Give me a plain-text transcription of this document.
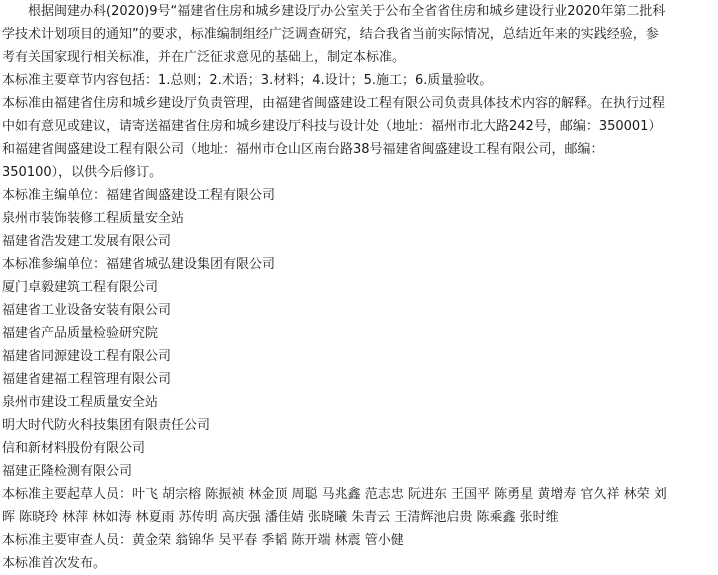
根据闽建办科(2020)9号“福建省住房和城乡建设厅办公室关于公布全省省住房和城乡建设行业2020年第二批科
学技术计划项目的通知”的要求，标准编制组经广泛调查研究，结合我省当前实际情况，总结近年来的实践经验，参
考有关国家现行相关标准，并在广泛征求意见的基础上，制定本标准。
本标准主要章节内容包括：1.总则；2.术语；3.材料；4.设计；5.施工；6.质量验收。
本标准由福建省住房和城乡建设厅负责管理，由福建省闽盛建设工程有限公司负责具体技术内容的解释。在执行过程
中如有意见或建议，请寄送福建省住房和城乡建设厅科技与设计处（地址：福州市北大路242号，邮编：350001）
和福建省闽盛建设工程有限公司（地址：福州市仓山区南台路38号福建省闽盛建设工程有限公司，邮编：
350100），以供今后修订。
本标准主编单位：福建省闽盛建设工程有限公司
泉州市装饰装修工程质量安全站
福建省浩发建工发展有限公司
本标准参编单位：福建省城弘建设集团有限公司
厦门卓毅建筑工程有限公司
福建省工业设备安装有限公司
福建省产品质量检验研究院
福建省同源建设工程有限公司
福建省建福工程管理有限公司
泉州市建设工程质量安全站
明大时代防火科技集团有限责任公司
信和新材料股份有限公司
福建正隆检测有限公司
本标准主要起草人员：叶飞 胡宗榕 陈振祯 林金顶 周聪 马兆鑫 范志忠 阮进东 王国平 陈勇星 黄增寿 官久祥 林荣 刘
晖 陈晓玲 林萍 林如涛 林夏雨 苏传明 高庆强 潘佳婧 张晓曦 朱青云 王清辉池启贵 陈乘鑫 张时维
本标准主要审查人员：黄金荣 翁锦华 吴平春 季韬 陈开端 林震 管小健
本标准首次发布。
